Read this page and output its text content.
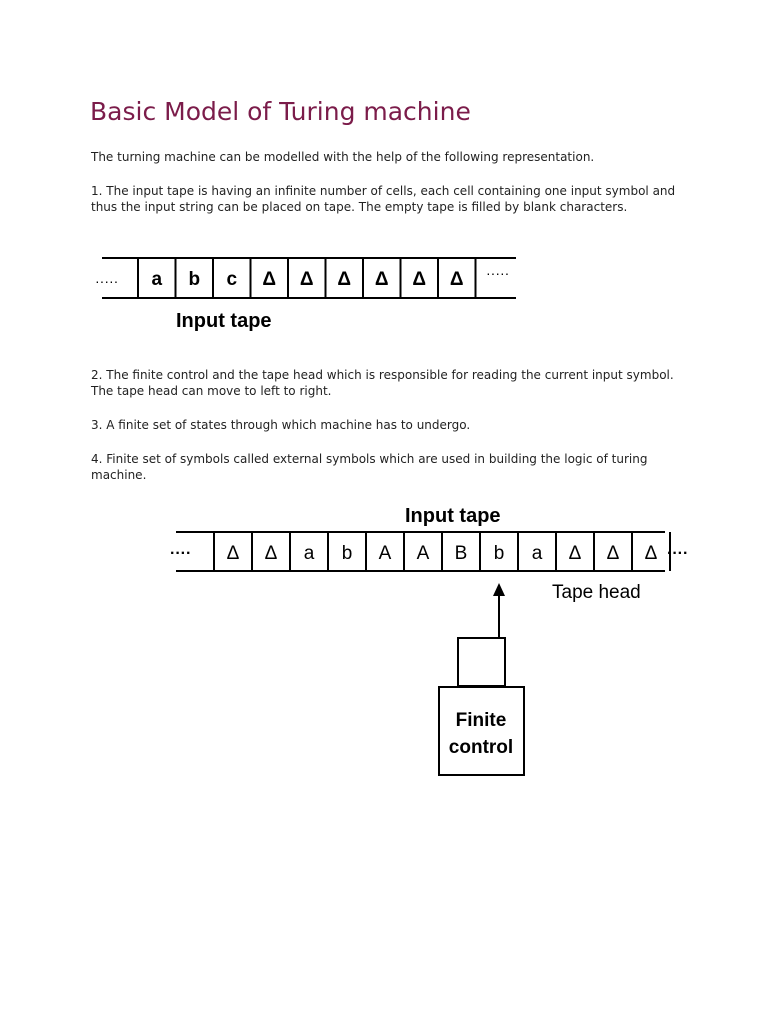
Basic Model of Turing machine

The turning machine can be modelled with the help of the following representation.

1. The input tape is having an infinite number of cells, each cell containing one input symbol and thus the input string can be placed on tape. The empty tape is filled by blank characters.

·····	·····
a b c Δ Δ Δ Δ Δ Δ
Input tape

2. The finite control and the tape head which is responsible for reading the current input symbol. The tape head can move to left to right.

3. A finite set of states through which machine has to undergo.

4. Finite set of symbols called external symbols which are used in building the logic of turing machine.

Input tape
····	····
Δ Δ a b A A B b a Δ Δ Δ
Tape head
Finite
control
